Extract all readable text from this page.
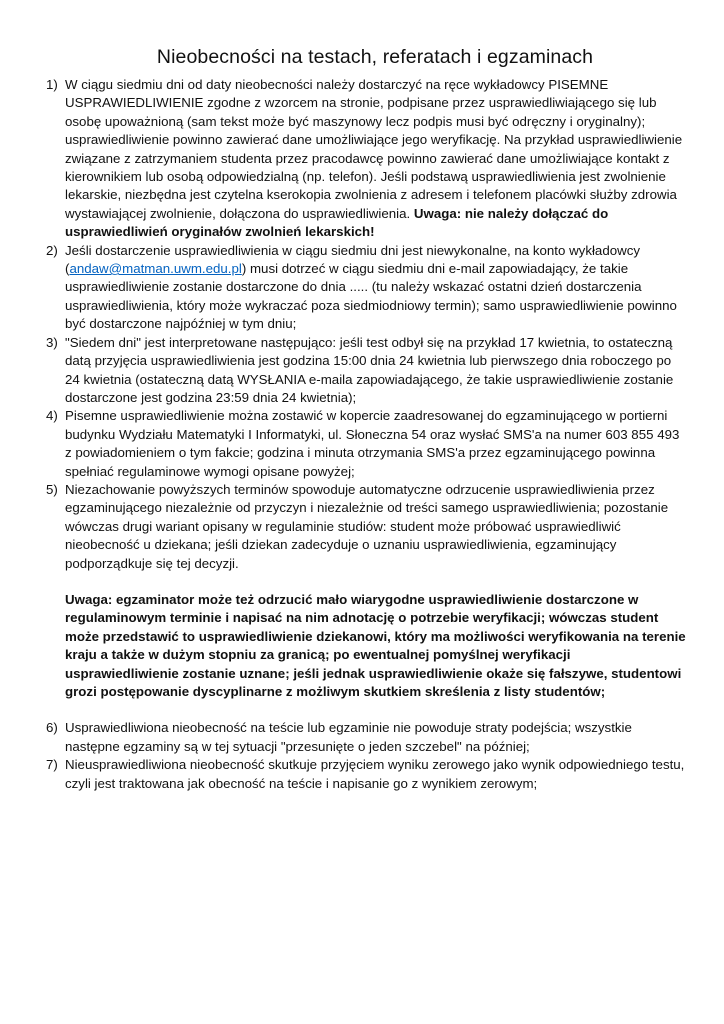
Nieobecności na testach, referatach i egzaminach
1) W ciągu siedmiu dni od daty nieobecności należy dostarczyć na ręce wykładowcy PISEMNE USPRAWIEDLIWIENIE zgodne z wzorcem na stronie, podpisane przez usprawiedliwiającego się lub osobę upoważnioną (sam tekst może być maszynowy lecz podpis musi być odręczny i oryginalny); usprawiedliwienie powinno zawierać dane umożliwiające jego weryfikację. Na przykład usprawiedliwienie związane z zatrzymaniem studenta przez pracodawcę powinno zawierać dane umożliwiające kontakt z kierownikiem lub osobą odpowiedzialną (np. telefon). Jeśli podstawą usprawiedliwienia jest zwolnienie lekarskie, niezbędna jest czytelna kserokopia zwolnienia z adresem i telefonem placówki służby zdrowia wystawiającej zwolnienie, dołączona do usprawiedliwienia. Uwaga: nie należy dołączać do usprawiedliwień oryginałów zwolnień lekarskich!
2) Jeśli dostarczenie usprawiedliwienia w ciągu siedmiu dni jest niewykonalne, na konto wykładowcy (andaw@matman.uwm.edu.pl) musi dotrzeć w ciągu siedmiu dni e-mail zapowiadający, że takie usprawiedliwienie zostanie dostarczone do dnia ..... (tu należy wskazać ostatni dzień dostarczenia usprawiedliwienia, który może wykraczać poza siedmiodniowy termin); samo usprawiedliwienie powinno być dostarczone najpóźniej w tym dniu;
3) "Siedem dni" jest interpretowane następująco: jeśli test odbył się na przykład 17 kwietnia, to ostateczną datą przyjęcia usprawiedliwienia jest godzina 15:00 dnia 24 kwietnia lub pierwszego dnia roboczego po 24 kwietnia (ostateczną datą WYSŁANIA e-maila zapowiadającego, że takie usprawiedliwienie zostanie dostarczone jest godzina 23:59 dnia 24 kwietnia);
4) Pisemne usprawiedliwienie można zostawić w kopercie zaadresowanej do egzaminującego w portierni budynku Wydziału Matematyki I Informatyki, ul. Słoneczna 54 oraz wysłać SMS'a na numer 603 855 493 z powiadomieniem o tym fakcie; godzina i minuta otrzymania SMS'a przez egzaminującego powinna spełniać regulaminowe wymogi opisane powyżej;
5) Niezachowanie powyższych terminów spowoduje automatyczne odrzucenie usprawiedliwienia przez egzaminującego niezależnie od przyczyn i niezależnie od treści samego usprawiedliwienia; pozostanie wówczas drugi wariant opisany w regulaminie studiów: student może próbować usprawiedliwić nieobecność u dziekana; jeśli dziekan zadecyduje o uznaniu usprawiedliwienia, egzaminujący podporządkuje się tej decyzji.
Uwaga: egzaminator może też odrzucić mało wiarygodne usprawiedliwienie dostarczone w regulaminowym terminie i napisać na nim adnotację o potrzebie weryfikacji; wówczas student może przedstawić to usprawiedliwienie dziekanowi, który ma możliwości weryfikowania na terenie kraju a także w dużym stopniu za granicą; po ewentualnej pomyślnej weryfikacji usprawiedliwienie zostanie uznane; jeśli jednak usprawiedliwienie okaże się fałszywe, studentowi grozi postępowanie dyscyplinarne z możliwym skutkiem skreślenia z listy studentów;
6) Usprawiedliwiona nieobecność na teście lub egzaminie nie powoduje straty podejścia; wszystkie następne egzaminy są w tej sytuacji "przesunięte o jeden szczebel" na później;
7) Nieusprawiedliwiona nieobecność skutkuje przyjęciem wyniku zerowego jako wynik odpowiedniego testu, czyli jest traktowana jak obecność na teście i napisanie go z wynikiem zerowym;
